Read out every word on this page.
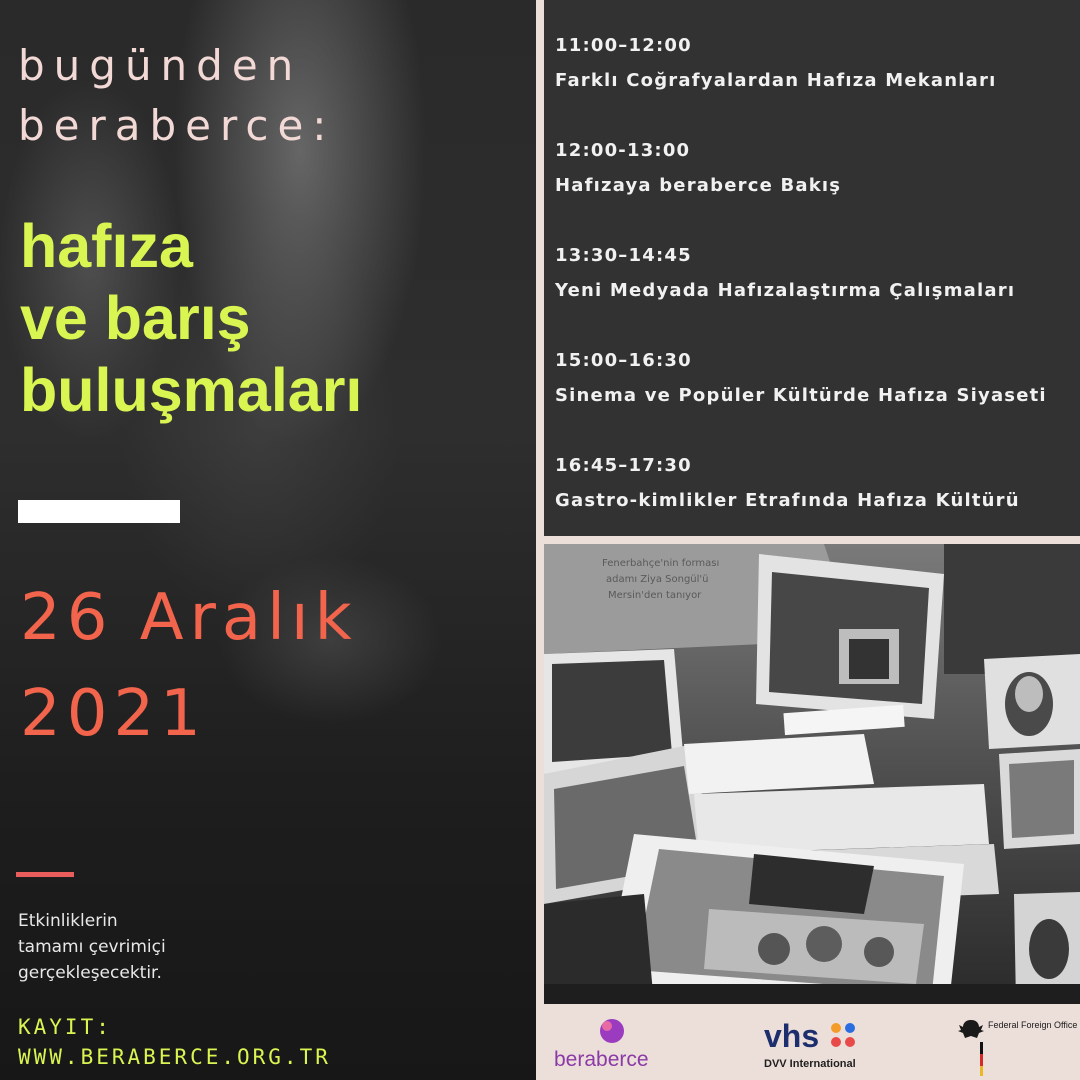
bugünden
beraberce:
hafıza
ve barış
buluşmaları
26 Aralık
2021
Etkinliklerin
tamamı çevrimiçi
gerçekleşecektir.
KAYIT:
WWW.BERABERCE.ORG.TR
11:00–12:00
Farklı Coğrafyalardan Hafıza Mekanları
12:00-13:00
Hafızaya beraberce Bakış
13:30–14:45
Yeni Medyada Hafızalaştırma Çalışmaları
15:00–16:30
Sinema ve Popüler Kültürde Hafıza Siyaseti
16:45–17:30
Gastro-kimlikler Etrafında Hafıza Kültürü
Fenerbahçe'nin forması
adamı Ziya Songül'ü
Mersin'den tanıyor
beraberce
vhs
DVV International
Federal Foreign Office
